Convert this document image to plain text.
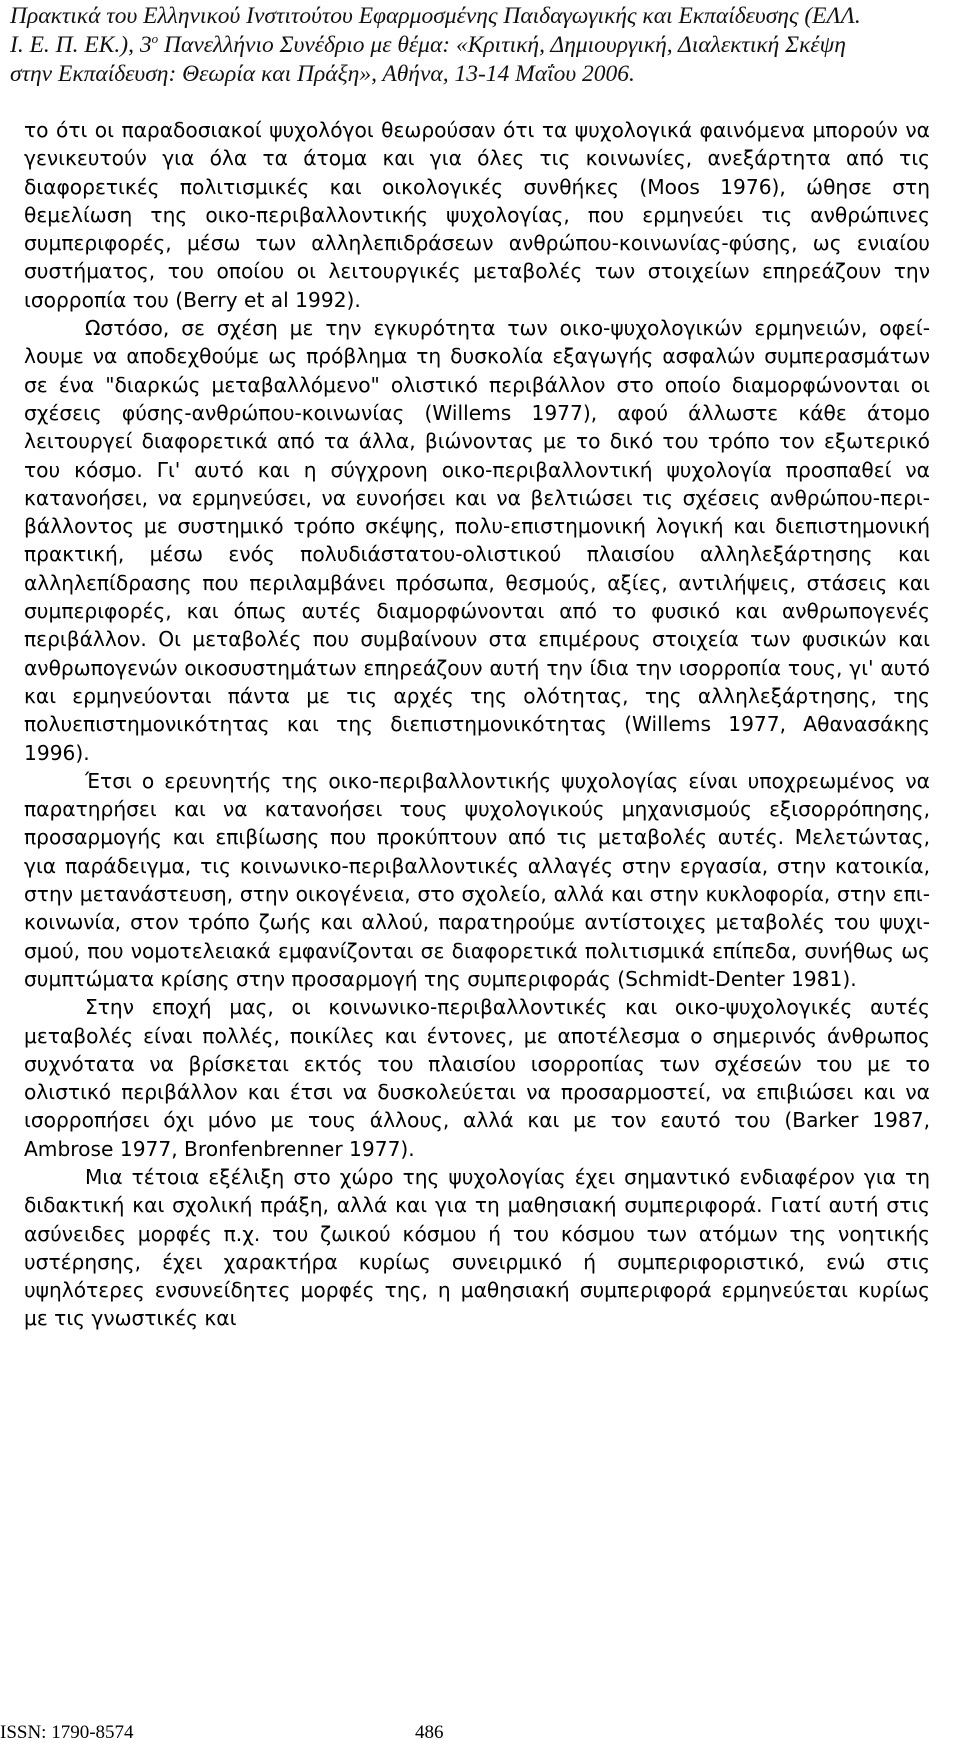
Πρακτικά του Ελληνικού Ινστιτούτου Εφαρμοσμένης Παιδαγωγικής και Εκπαίδευσης (ΕΛΛ.
Ι. Ε. Π. ΕΚ.), $3^o$ Πανελλήνιο Συνέδριο με θέμα: «Κριτική, Δημιουργική, Διαλεκτική Σκέψη
στην Εκπαίδευση: Θεωρία και Πράξη», Αθήνα, 13-14 Μαΐου 2006.

το ότι οι παραδοσιακοί ψυχολόγοι θεωρούσαν ότι τα ψυχολογικά φαινόμενα μπορούν να γενικευτούν για όλα τα άτομα και για όλες τις κοινωνίες, ανεξάρτητα από τις διαφορετικές πολιτισμικές και οικολογικές συνθήκες (Moos 1976), ώθησε στη θεμελίωση της οικο-περιβαλλοντικής ψυχολογίας, που ερμηνεύει τις ανθρώπινες συμπεριφορές, μέσω των αλληλεπιδράσεων ανθρώπου-κοινωνίας-φύσης, ως ενιαίου συστήματος, του οποίου οι λειτουργικές μεταβολές των στοιχείων επηρεάζουν την ισορροπία του (Berry et al 1992).

Ωστόσο, σε σχέση με την εγκυρότητα των οικο-ψυχολογικών ερμηνειών, οφεί-λουμε να αποδεχθούμε ως πρόβλημα τη δυσκολία εξαγωγής ασφαλών συμπερασμάτων σε ένα "διαρκώς μεταβαλλόμενο" ολιστικό περιβάλλον στο οποίο διαμορφώνονται οι σχέσεις φύσης-ανθρώπου-κοινωνίας (Willems 1977), αφού άλλωστε κάθε άτομο λειτουργεί διαφορετικά από τα άλλα, βιώνοντας με το δικό του τρόπο τον εξωτερικό του κόσμο. Γι' αυτό και η σύγχρονη οικο-περιβαλλοντική ψυχολογία προσπαθεί να κατανοήσει, να ερμηνεύσει, να ευνοήσει και να βελτιώσει τις σχέσεις ανθρώπου-περι-βάλλοντος με συστημικό τρόπο σκέψης, πολυ-επιστημονική λογική και διεπιστημονική πρακτική, μέσω ενός πολυδιάστατου-ολιστικού πλαισίου αλληλεξάρτησης και αλληλεπίδρασης που περιλαμβάνει πρόσωπα, θεσμούς, αξίες, αντιλήψεις, στάσεις και συμπεριφορές, και όπως αυτές διαμορφώνονται από το φυσικό και ανθρωπογενές περιβάλλον. Οι μεταβολές που συμβαίνουν στα επιμέρους στοιχεία των φυσικών και ανθρωπογενών οικοσυστημάτων επηρεάζουν αυτή την ίδια την ισορροπία τους, γι' αυτό και ερμηνεύονται πάντα με τις αρχές της ολότητας, της αλληλεξάρτησης, της πολυεπιστημονικότητας και της διεπιστημονικότητας (Willems 1977, Αθανασάκης 1996).

Έτσι ο ερευνητής της οικο-περιβαλλοντικής ψυχολογίας είναι υποχρεωμένος να παρατηρήσει και να κατανοήσει τους ψυχολογικούς μηχανισμούς εξισορρόπησης, προσαρμογής και επιβίωσης που προκύπτουν από τις μεταβολές αυτές. Μελετώντας, για παράδειγμα, τις κοινωνικο-περιβαλλοντικές αλλαγές στην εργασία, στην κατοικία, στην μετανάστευση, στην οικογένεια, στο σχολείο, αλλά και στην κυκλοφορία, στην επι-κοινωνία, στον τρόπο ζωής και αλλού, παρατηρούμε αντίστοιχες μεταβολές του ψυχι-σμού, που νομοτελειακά εμφανίζονται σε διαφορετικά πολιτισμικά επίπεδα, συνήθως ως συμπτώματα κρίσης στην προσαρμογή της συμπεριφοράς (Schmidt-Denter 1981).

Στην εποχή μας, οι κοινωνικο-περιβαλλοντικές και οικο-ψυχολογικές αυτές μεταβολές είναι πολλές, ποικίλες και έντονες, με αποτέλεσμα ο σημερινός άνθρωπος συχνότατα να βρίσκεται εκτός του πλαισίου ισορροπίας των σχέσεών του με το ολιστικό περιβάλλον και έτσι να δυσκολεύεται να προσαρμοστεί, να επιβιώσει και να ισορροπήσει όχι μόνο με τους άλλους, αλλά και με τον εαυτό του (Barker 1987, Ambrose 1977, Bronfenbrenner 1977).

Μια τέτοια εξέλιξη στο χώρο της ψυχολογίας έχει σημαντικό ενδιαφέρον για τη διδακτική και σχολική πράξη, αλλά και για τη μαθησιακή συμπεριφορά. Γιατί αυτή στις ασύνειδες μορφές π.χ. του ζωικού κόσμου ή του κόσμου των ατόμων της νοητικής υστέρησης, έχει χαρακτήρα κυρίως συνειρμικό ή συμπεριφοριστικό, ενώ στις υψηλότερες ενσυνείδητες μορφές της, η μαθησιακή συμπεριφορά ερμηνεύεται κυρίως με τις γνωστικές και

ISSN: 1790-8574	486
